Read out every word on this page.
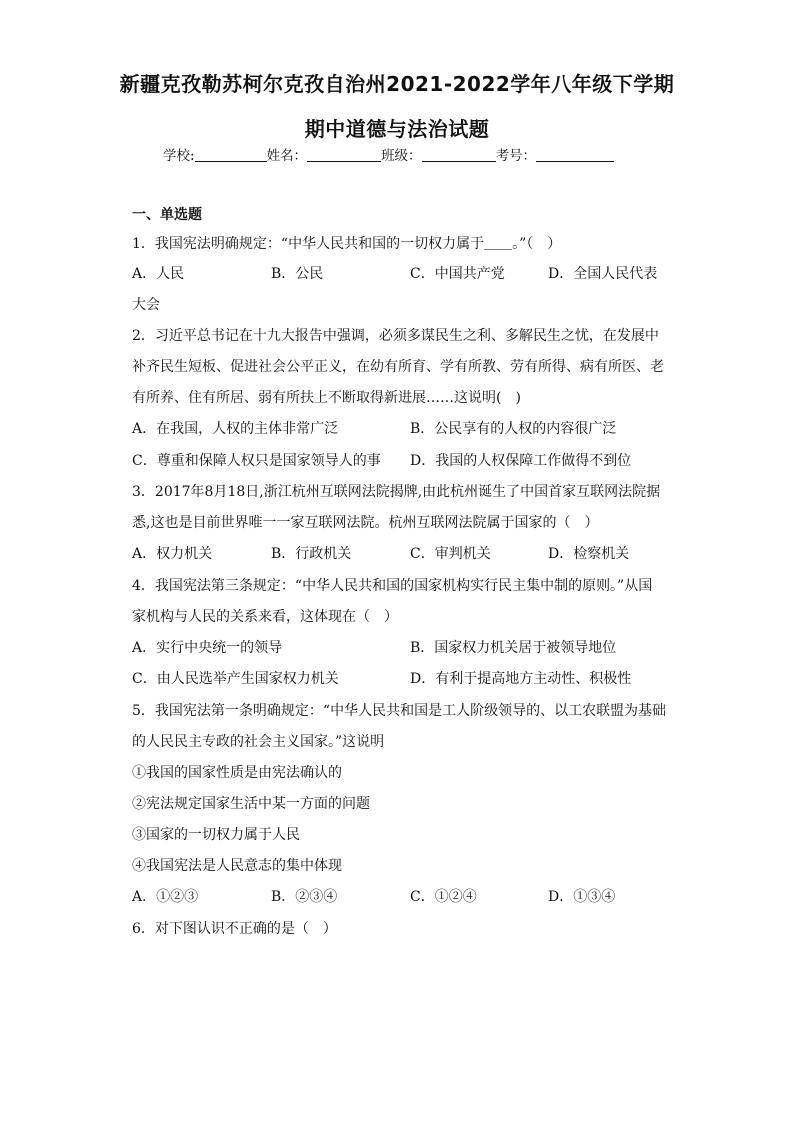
新疆克孜勒苏柯尔克孜自治州2021-2022学年八年级下学期
期中道德与法治试题
学校:	姓名：	班级：	考号：
一、单选题
1．我国宪法明确规定：“中华人民共和国的一切权力属于＿＿。”（　）
A．人民	B．公民	C．中国共产党	D．全国人民代表
大会
2．习近平总书记在十九大报告中强调，必须多谋民生之利、多解民生之忧，在发展中
补齐民生短板、促进社会公平正义，在幼有所育、学有所教、劳有所得、病有所医、老
有所养、住有所居、弱有所扶上不断取得新进展……这说明(　)
A．在我国，人权的主体非常广泛	B．公民享有的人权的内容很广泛
C．尊重和保障人权只是国家领导人的事 D．我国的人权保障工作做得不到位
3．2017年8月18日,浙江杭州互联网法院揭牌,由此杭州诞生了中国首家互联网法院据
悉,这也是目前世界唯一一家互联网法院。杭州互联网法院属于国家的（　）
A．权力机关	B．行政机关	C．审判机关	D．检察机关
4．我国宪法第三条规定：“中华人民共和国的国家机构实行民主集中制的原则。”从国
家机构与人民的关系来看，这体现在（　）
A．实行中央统一的领导	B．国家权力机关居于被领导地位
C．由人民选举产生国家权力机关	D．有利于提高地方主动性、积极性
5．我国宪法第一条明确规定：“中华人民共和国是工人阶级领导的、以工农联盟为基础
的人民民主专政的社会主义国家。”这说明
①我国的国家性质是由宪法确认的
②宪法规定国家生活中某一方面的问题
③国家的一切权力属于人民
④我国宪法是人民意志的集中体现
A．①②③	B．②③④	C．①②④	D．①③④
6．对下图认识不正确的是（　）
